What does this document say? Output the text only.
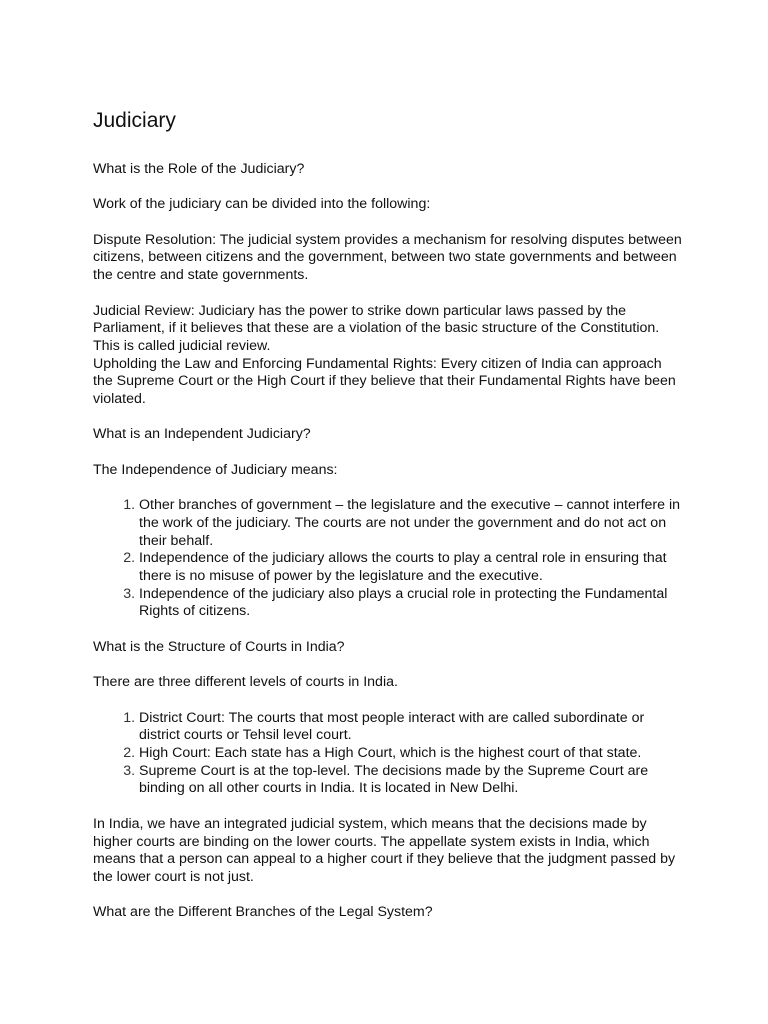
Judiciary

What is the Role of the Judiciary?

Work of the judiciary can be divided into the following:

Dispute Resolution: The judicial system provides a mechanism for resolving disputes between citizens, between citizens and the government, between two state governments and between the centre and state governments.

Judicial Review: Judiciary has the power to strike down particular laws passed by the Parliament, if it believes that these are a violation of the basic structure of the Constitution. This is called judicial review.

Upholding the Law and Enforcing Fundamental Rights: Every citizen of India can approach the Supreme Court or the High Court if they believe that their Fundamental Rights have been violated.

What is an Independent Judiciary?

The Independence of Judiciary means:

1. Other branches of government – the legislature and the executive – cannot interfere in the work of the judiciary. The courts are not under the government and do not act on their behalf.
2. Independence of the judiciary allows the courts to play a central role in ensuring that there is no misuse of power by the legislature and the executive.
3. Independence of the judiciary also plays a crucial role in protecting the Fundamental Rights of citizens.

What is the Structure of Courts in India?

There are three different levels of courts in India.

1. District Court: The courts that most people interact with are called subordinate or district courts or Tehsil level court.
2. High Court: Each state has a High Court, which is the highest court of that state.
3. Supreme Court is at the top-level. The decisions made by the Supreme Court are binding on all other courts in India. It is located in New Delhi.

In India, we have an integrated judicial system, which means that the decisions made by higher courts are binding on the lower courts. The appellate system exists in India, which means that a person can appeal to a higher court if they believe that the judgment passed by the lower court is not just.

What are the Different Branches of the Legal System?
